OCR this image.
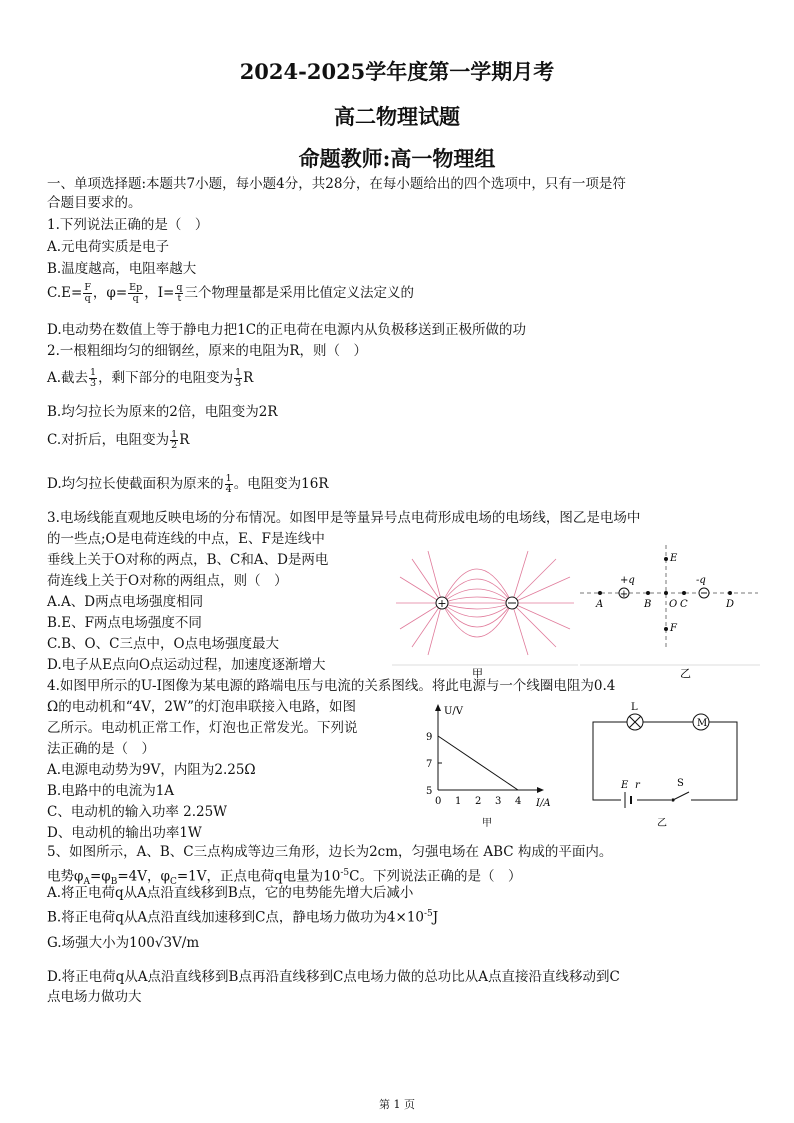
2024-2025学年度第一学期月考
高二物理试题
命题教师:高一物理组
一、单项选择题:本题共7小题，每小题4分，共28分，在每小题给出的四个选项中，只有一项是符
合题目要求的。
1.下列说法正确的是（　）
A.元电荷实质是电子
B.温度越高，电阻率越大
$C.E= \frac{F}{q}$ ，$\varphi= \frac{Ep}{q}$ ，$I= \frac{q}{t}$ 三个物理量都是采用比值定义法定义的
D.电动势在数值上等于静电力把1C的正电荷在电源内从负极移送到正极所做的功
2.一根粗细均匀的细钢丝，原来的电阻为R，则（　）
A.截去 $\frac{1}{3}$ ，剩下部分的电阻变为 $\frac{1}{3}$ R
B.均匀拉长为原来的2倍，电阻变为2R
C.对折后，电阻变为 $\frac{1}{2}$ R
D.均匀拉长使截面积为原来的 $\frac{1}{4}$ 。电阻变为16R
3.电场线能直观地反映电场的分布情况。如图甲是等量异号点电荷形成电场的电场线，图乙是电场中
的一些点;O是电荷连线的中点，E、F是连线中
垂线上关于O对称的两点，B、C和A、D是两电
荷连线上关于O对称的两组点，则（　）
A.A、D两点电场强度相同
B.E、F两点电场强度不同
C.B、O、C三点中，O点电场强度最大
D.电子从E点向O点运动过程，加速度逐渐增大
+
甲
+
+q	-q
A	B O C	D
E
F
乙
4.如图甲所示的U-I图像为某电源的路端电压与电流的关系图线。将此电源与一个线圈电阻为0.4
Ω的电动机和“4V，2W”的灯泡串联接入电路，如图
乙所示。电动机正常工作，灯泡也正常发光。下列说
法正确的是（　）
A.电源电动势为9V，内阻为2.25Ω
B.电路中的电流为1A
C、电动机的输入功率 2.25W
D、电动机的输出功率1W
U/V
I/A
9
7
5
0 1 2 3 4
甲
L
M
E r	S
乙
5、如图所示，A、B、C三点构成等边三角形，边长为2cm，匀强电场在 ABC 构成的平面内。
电势$\varphi_A=\varphi_B=4V$，$\varphi_C=1V$，正点电荷q电量为$10^{-5}C$。下列说法正确的是（　）
A.将正电荷q从A点沿直线移到B点，它的电势能先增大后减小
B.将正电荷q从A点沿直线加速移到C点，静电场力做功为$4\times 10^{-5}J$
G.场强大小为100√3V/m
D.将正电荷q从A点沿直线移到B点再沿直线移到C点电场力做的总功比从A点直接沿直线移动到C
点电场力做功大
第 1 页
